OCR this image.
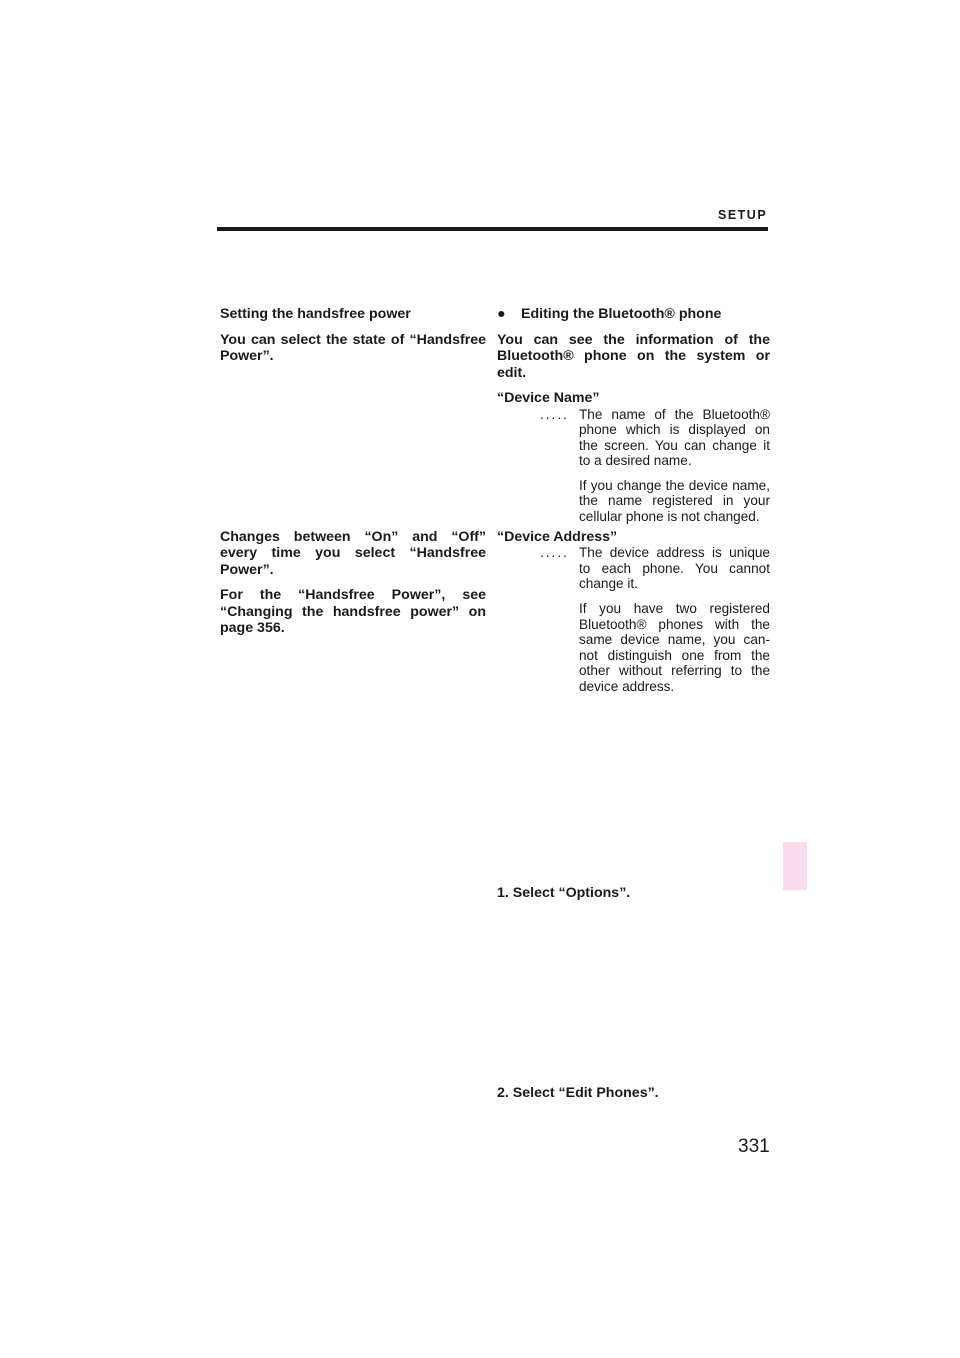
SETUP

Setting the handsfree power

You can select the state of “Handsfree Power”.

Changes between “On” and “Off” every time you select “Handsfree Power”.

For the “Handsfree Power”, see “Changing the handsfree power” on page 356.

● Editing the Bluetooth® phone

You can see the information of the Bluetooth® phone on the system or edit.

“Device Name”

..... The name of the Bluetooth® phone which is displayed on the screen. You can change it to a desired name.

If you change the device name, the name registered in your cellular phone is not changed.

“Device Address”

..... The device address is unique to each phone. You cannot change it.

If you have two registered Bluetooth® phones with the same device name, you can-not distinguish one from the other without referring to the device address.

1. Select “Options”.
2. Select “Edit Phones”.
331
